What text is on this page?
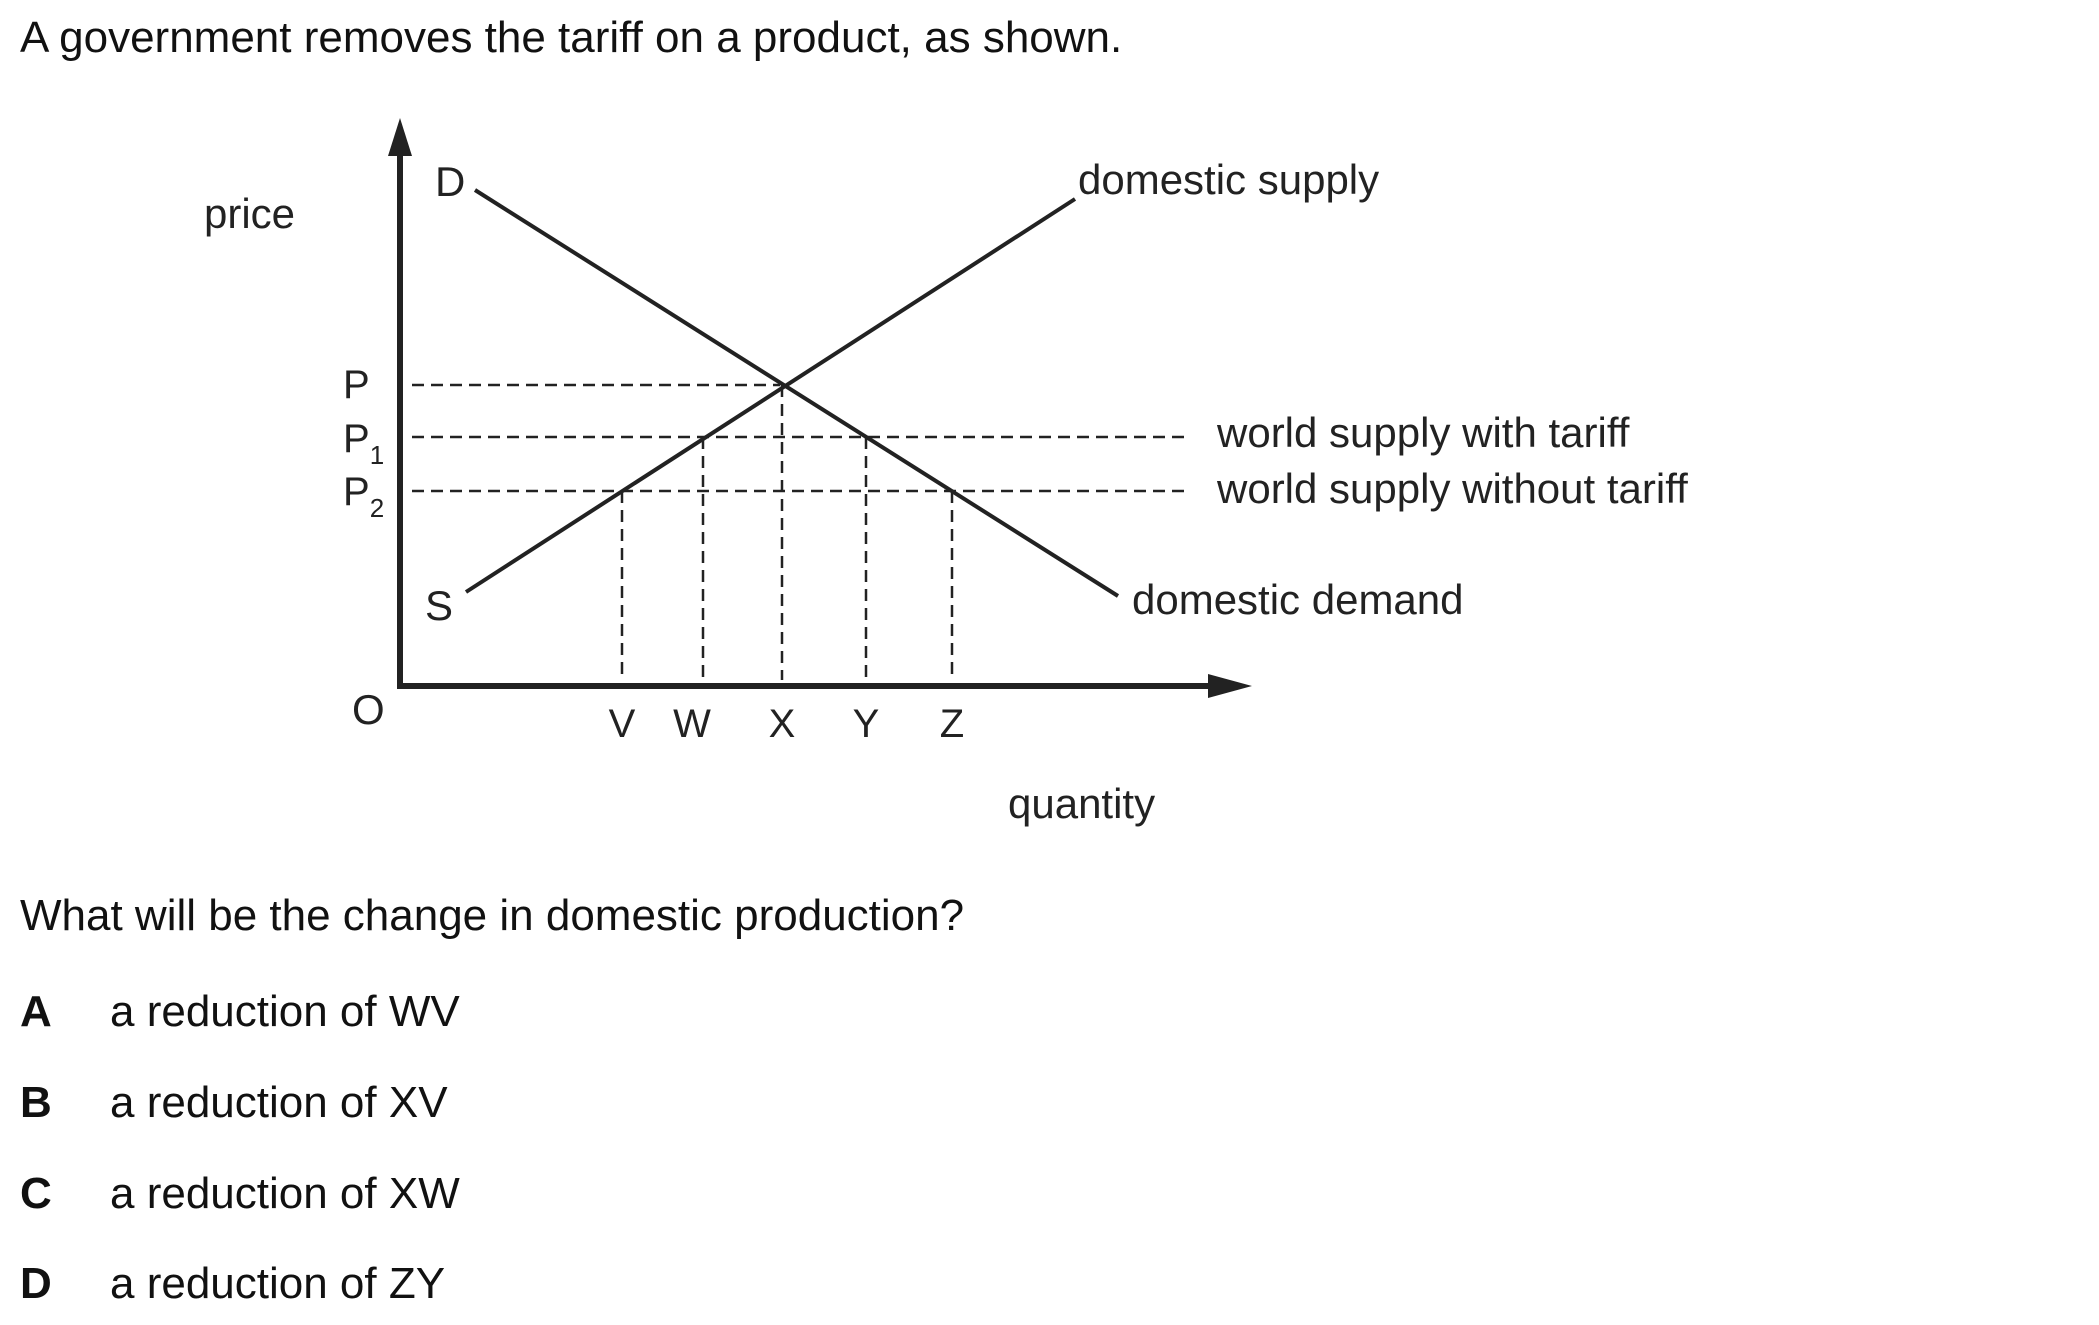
A government removes the tariff on a product, as shown.
price
quantity
O
D
S
domestic supply
domestic demand
world supply with tariff
world supply without tariff
P
$P_1$
$P_2$
V W X Y Z
What will be the change in domestic production?
A a reduction of WV
B a reduction of XV
C a reduction of XW
D a reduction of ZY
